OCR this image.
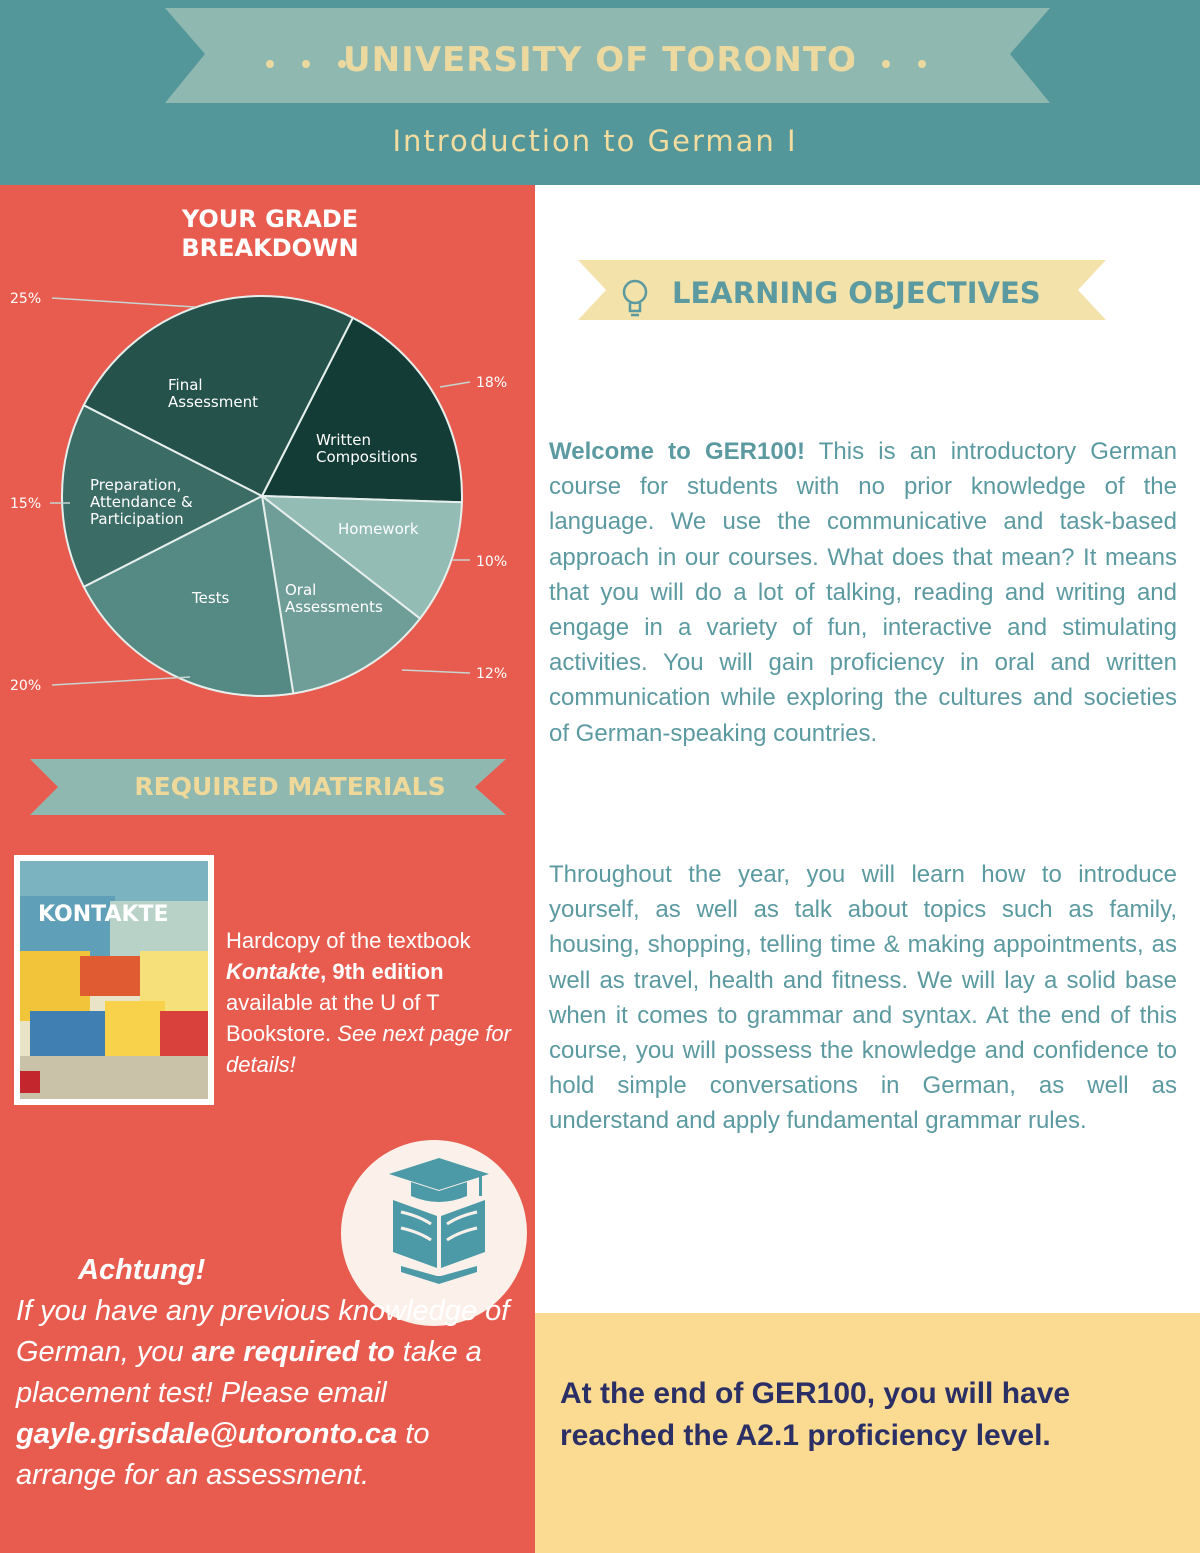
UNIVERSITY OF TORONTO
Introduction to German I
YOUR GRADE BREAKDOWN
25%
18%
15%
10%
20%
12%
Written Compositions
Homework
Oral Assessments
Tests
Preparation, Attendance & Participation
Final Assessment
REQUIRED MATERIALS
KONTAKTE
Hardcopy of the textbook Kontakte, 9th edition available at the U of T Bookstore. See next page for details!
Achtung!
If you have any previous knowledge of German, you are required to take a placement test! Please email gayle.grisdale@utoronto.ca to arrange for an assessment.
LEARNING OBJECTIVES

Welcome to GER100! This is an introductory German course for students with no prior knowledge of the language. We use the communicative and task-based approach in our courses. What does that mean? It means that you will do a lot of talking, reading and writing and engage in a variety of fun, interactive and stimulating activities. You will gain proficiency in oral and written communication while exploring the cultures and societies of German-speaking countries.

Throughout the year, you will learn how to introduce yourself, as well as talk about topics such as family, housing, shopping, telling time & making appointments, as well as travel, health and fitness. We will lay a solid base when it comes to grammar and syntax. At the end of this course, you will possess the knowledge and confidence to hold simple conversations in German, as well as understand and apply fundamental grammar rules.

At the end of GER100, you will have reached the A2.1 proficiency level.
